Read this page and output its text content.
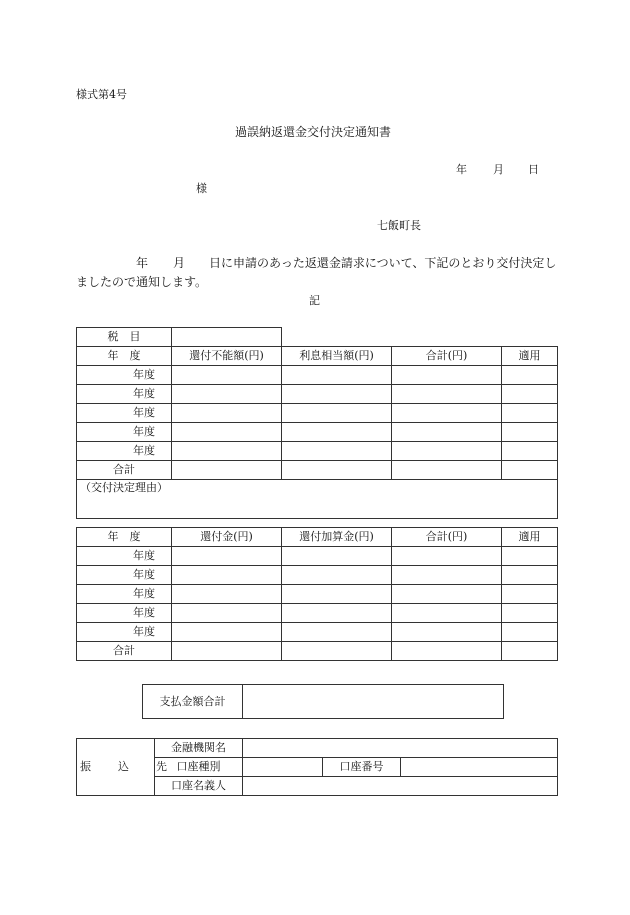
様式第4号
過誤納返還金交付決定通知書
年 月 日
様
七飯町長
年 月 日に申請のあった返還金請求について、下記のとおり交付決定し
ましたので通知します。
記
税　目				
年　度	還付不能額(円)	利息相当額(円)	合計(円)	適用
年度				
年度				
年度				
年度				
年度				
合計				
（交付決定理由）				
年　度	還付金(円)	還付加算金(円)	合計(円)	適用
年度				
年度				
年度				
年度				
年度				
合計				
支払金額合計	
振　込　先	金融機関名			
	口座種別		口座番号	
	口座名義人			
